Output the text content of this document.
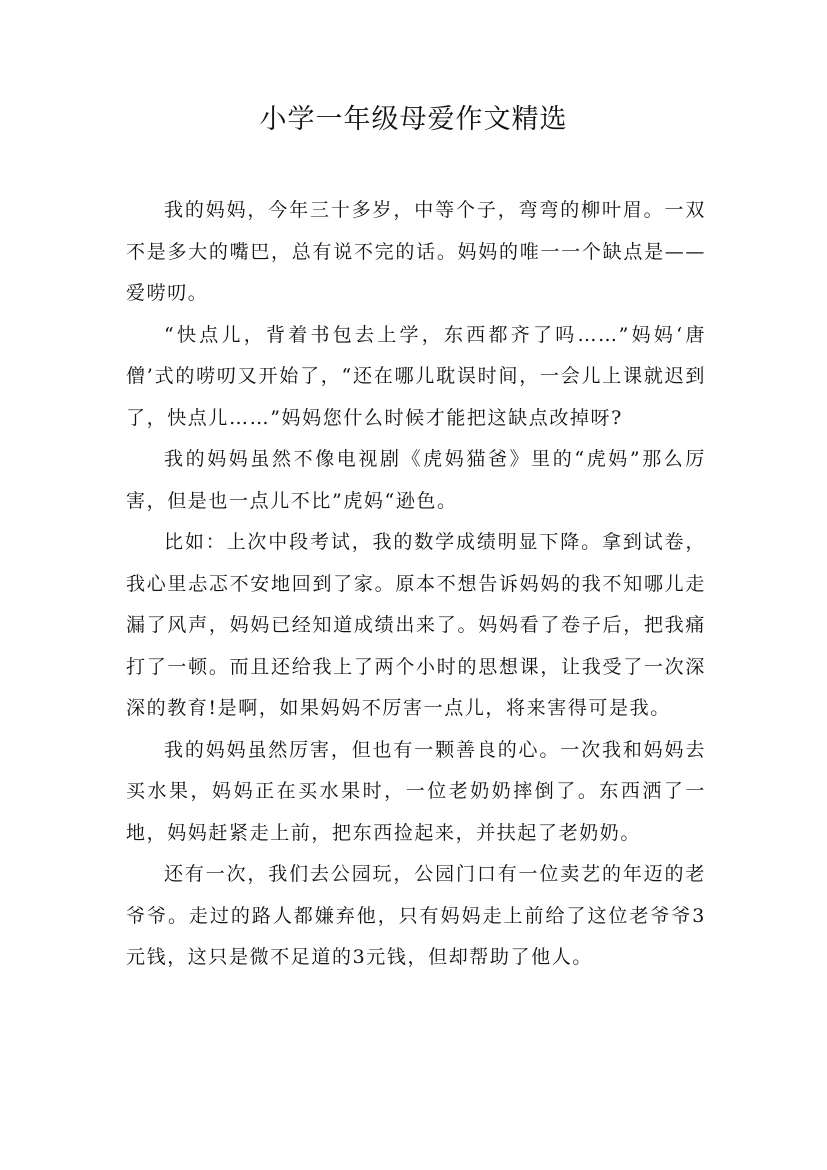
小学一年级母爱作文精选

我的妈妈，今年三十多岁，中等个子，弯弯的柳叶眉。一双不是多大的嘴巴，总有说不完的话。妈妈的唯一一个缺点是——爱唠叨。

“快点儿，背着书包去上学，东西都齐了吗……”妈妈‘唐僧’式的唠叨又开始了，“还在哪儿耽误时间，一会儿上课就迟到了，快点儿……”妈妈您什么时候才能把这缺点改掉呀?

我的妈妈虽然不像电视剧《虎妈猫爸》里的“虎妈”那么厉害，但是也一点儿不比”虎妈“逊色。

比如：上次中段考试，我的数学成绩明显下降。拿到试卷，我心里忐忑不安地回到了家。原本不想告诉妈妈的我不知哪儿走漏了风声，妈妈已经知道成绩出来了。妈妈看了卷子后，把我痛打了一顿。而且还给我上了两个小时的思想课，让我受了一次深深的教育!是啊，如果妈妈不厉害一点儿，将来害得可是我。

我的妈妈虽然厉害，但也有一颗善良的心。一次我和妈妈去买水果，妈妈正在买水果时，一位老奶奶摔倒了。东西洒了一地，妈妈赶紧走上前，把东西捡起来，并扶起了老奶奶。

还有一次，我们去公园玩，公园门口有一位卖艺的年迈的老爷爷。走过的路人都嫌弃他，只有妈妈走上前给了这位老爷爷3元钱，这只是微不足道的3元钱，但却帮助了他人。
